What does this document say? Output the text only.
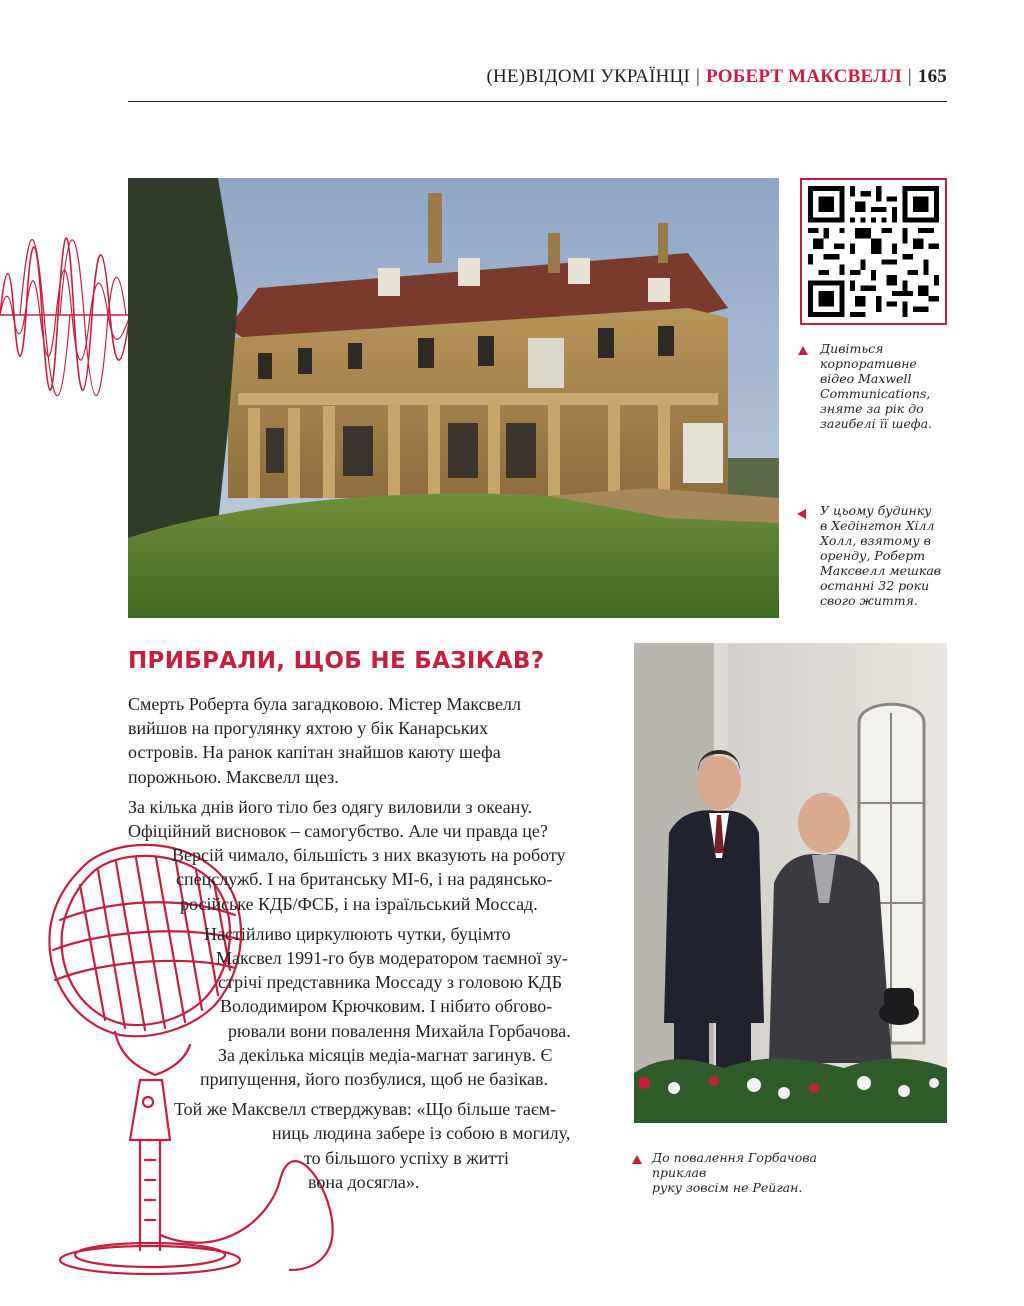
(НЕ)ВІДОМІ УКРАЇНЦІ | РОБЕРТ МАКСВЕЛЛ | 165
Дивіться
корпоративне
відео Maxwell
Communications,
зняте за рік до
загибелі її шефа.
У цьому будинку
в Хедінгтон Хілл
Холл, взятому в
оренду, Роберт
Максвелл мешкав
останні 32 роки
свого життя.
ПРИБРАЛИ, ЩОБ НЕ БАЗІКАВ?

Смерть Роберта була загадковою. Містер Максвелл
вийшов на прогулянку яхтою у бік Канарських
островів. На ранок капітан знайшов каюту шефа
порожньою. Максвелл щез.

За кілька днів його тіло без одягу виловили з океану.
Офіційний висновок – самогубство. Але чи правда це?
Версій чимало, більшість з них вказують на роботу
спецслужб. І на британську МІ-6, і на радянсько-
російське КДБ/ФСБ, і на ізраїльський Моссад.

Настійливо циркулюють чутки, буцімто
Максвел 1991-го був модератором таємної зу-
стрічі представника Моссаду з головою КДБ
Володимиром Крючковим. І нібито обгово-
рювали вони повалення Михайла Горбачова.
За декілька місяців медіа-магнат загинув. Є
припущення, його позбулися, щоб не базікав.

Той же Максвелл стверджував: «Що більше таєм-
ниць людина забере із собою в могилу,
то більшого успіху в житті
вона досягла».

До повалення Горбачова приклав
руку зовсім не Рейган.
